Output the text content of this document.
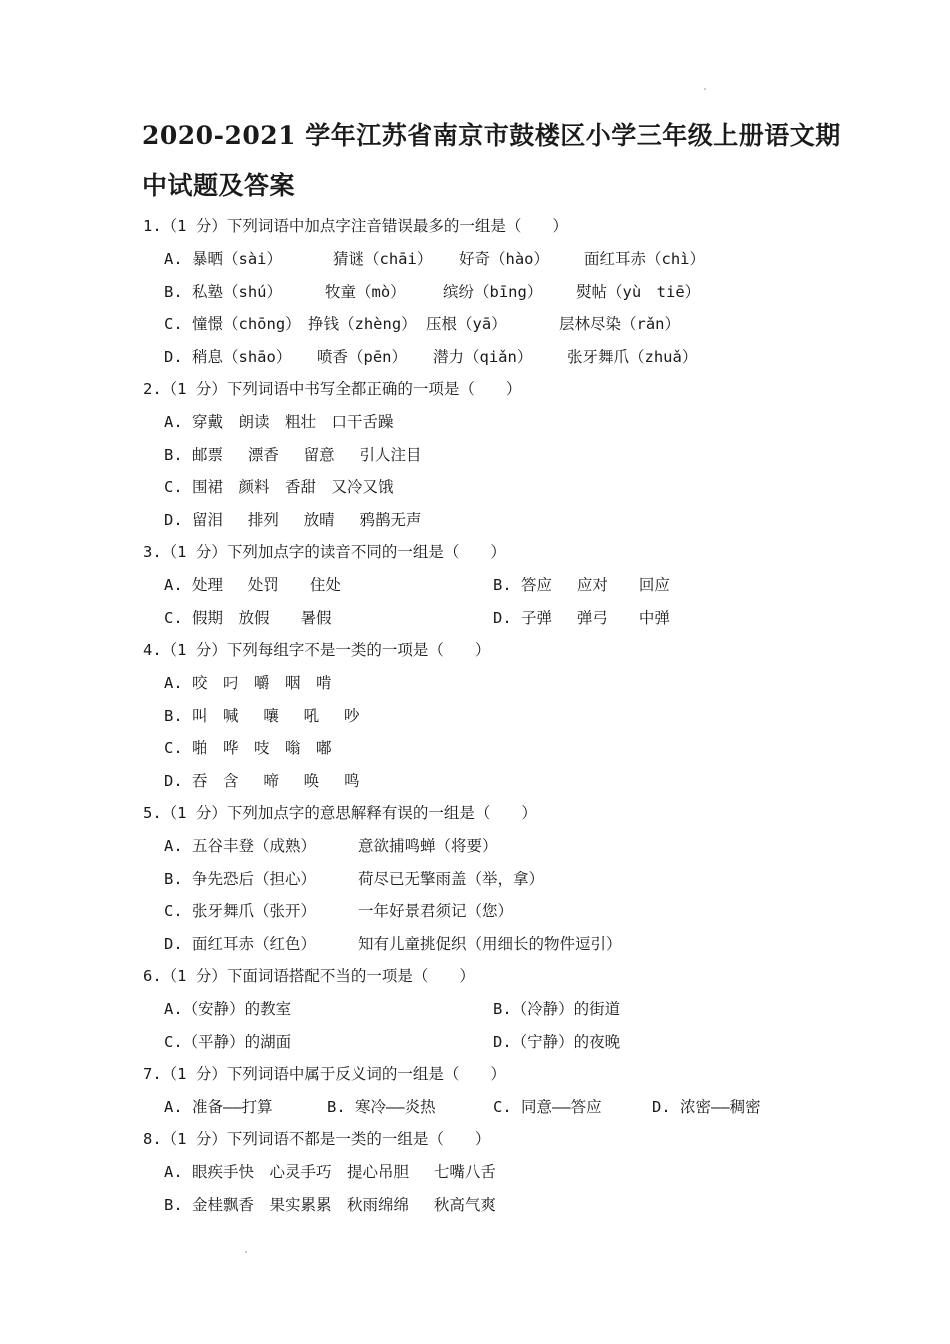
2020-2021 学年江苏省南京市鼓楼区小学三年级上册语文期
中试题及答案
1.（1 分）下列词语中加点字注音错误最多的一组是（　　）
A. 暴晒（sài）	猜谜（chāi） 好奇（hào） 面红耳赤（chì）
B. 私塾（shú）	牧童（mò） 缤纷（bīng） 熨帖（yù　tiē）
C. 憧憬（chōng） 挣钱（zhèng） 压根（yā）	层林尽染（rǎn）
D. 稍息（shāo） 喷香（pēn） 潜力（qiǎn） 张牙舞爪（zhuǎ）
2.（1 分）下列词语中书写全都正确的一项是（　　）
A. 穿戴　朗读　粗壮　口干舌躁
B. 邮票　 漂香　 留意　 引人注目
C. 围裙　颜料　香甜　又冷又饿
D. 留泪　 排列　 放晴　 鸦鹊无声
3.（1 分）下列加点字的读音不同的一组是（　　）
A. 处理　 处罚　　住处	B. 答应　 应对　　回应
C. 假期　放假　　暑假	D. 子弹　 弹弓　　中弹
4.（1 分）下列每组字不是一类的一项是（　　）
A. 咬　叼　嚼　咽　啃
B. 叫　喊　 嚷　 吼　 吵
C. 啪　哗　吱　嗡　嘟
D. 吞　含　 啼　 唤　 鸣
5.（1 分）下列加点字的意思解释有误的一组是（　　）
A. 五谷丰登（成熟）	意欲捕鸣蝉（将要）
B. 争先恐后（担心）	荷尽已无擎雨盖（举，拿）
C. 张牙舞爪（张开）	一年好景君须记（您）
D. 面红耳赤（红色）	知有儿童挑促织（用细长的物件逗引）
6.（1 分）下面词语搭配不当的一项是（　　）
A.（安静）的教室	B.（冷静）的街道
C.（平静）的湖面	D.（宁静）的夜晚
7.（1 分）下列词语中属于反义词的一组是（　　）
A. 准备——打算	B. 寒冷——炎热	C. 同意——答应	D. 浓密——稠密
8.（1 分）下列词语不都是一类的一组是（　　）
A. 眼疾手快　心灵手巧　提心吊胆　 七嘴八舌
B. 金桂飘香　果实累累　秋雨绵绵　 秋高气爽
